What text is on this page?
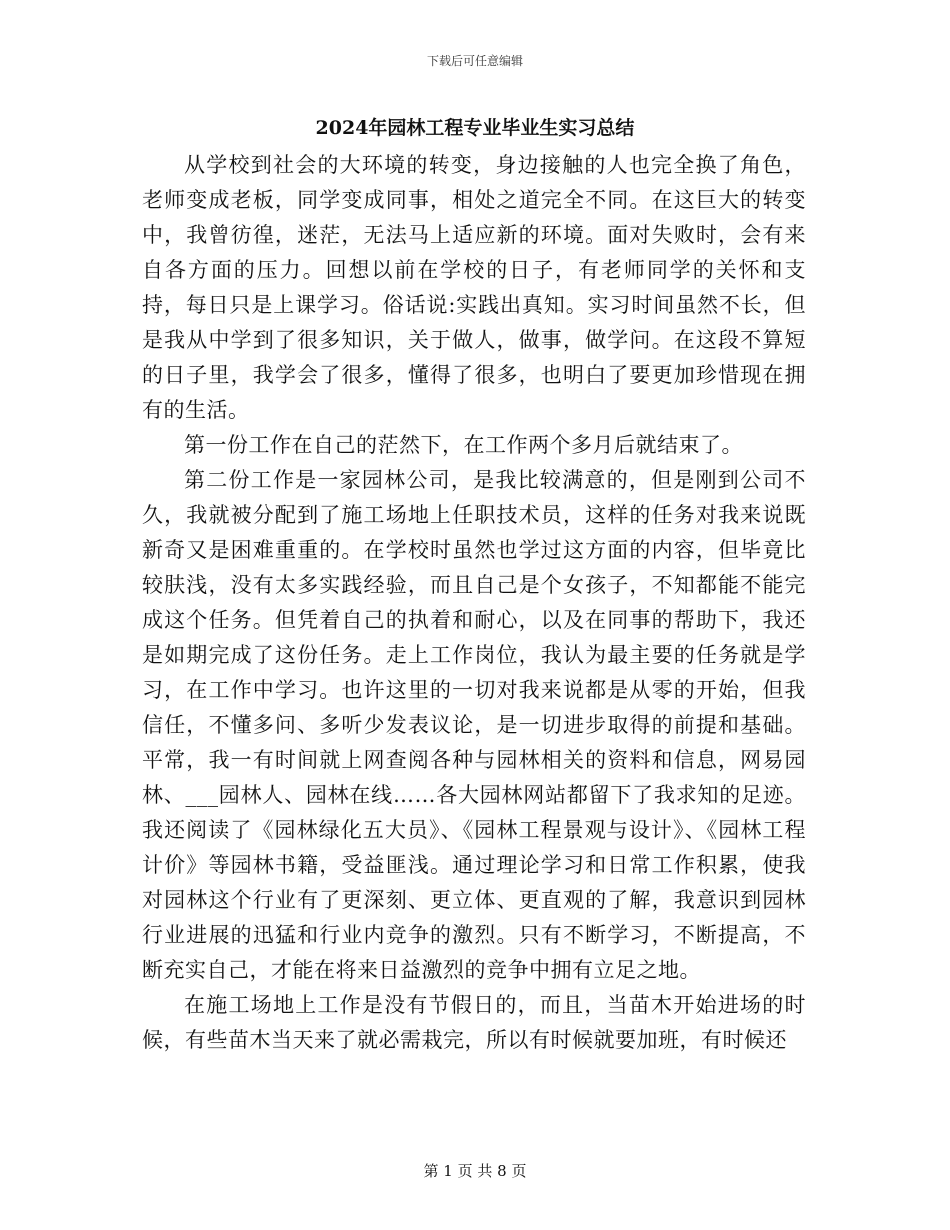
下载后可任意编辑
2024年园林工程专业毕业生实习总结

从学校到社会的大环境的转变，身边接触的人也完全换了角色，老师变成老板，同学变成同事，相处之道完全不同。在这巨大的转变中，我曾彷徨，迷茫，无法马上适应新的环境。面对失败时，会有来自各方面的压力。回想以前在学校的日子，有老师同学的关怀和支持，每日只是上课学习。俗话说:实践出真知。实习时间虽然不长，但是我从中学到了很多知识，关于做人，做事，做学问。在这段不算短的日子里，我学会了很多，懂得了很多，也明白了要更加珍惜现在拥有的生活。

第一份工作在自己的茫然下，在工作两个多月后就结束了。

第二份工作是一家园林公司，是我比较满意的，但是刚到公司不久，我就被分配到了施工场地上任职技术员，这样的任务对我来说既新奇又是困难重重的。在学校时虽然也学过这方面的内容，但毕竟比较肤浅，没有太多实践经验，而且自己是个女孩子，不知都能不能完成这个任务。但凭着自己的执着和耐心，以及在同事的帮助下，我还是如期完成了这份任务。走上工作岗位，我认为最主要的任务就是学习，在工作中学习。也许这里的一切对我来说都是从零的开始，但我信任，不懂多问、多听少发表议论，是一切进步取得的前提和基础。平常，我一有时间就上网查阅各种与园林相关的资料和信息，网易园林、___园林人、园林在线……各大园林网站都留下了我求知的足迹。我还阅读了《园林绿化五大员》、《园林工程景观与设计》、《园林工程计价》等园林书籍，受益匪浅。通过理论学习和日常工作积累，使我对园林这个行业有了更深刻、更立体、更直观的了解，我意识到园林行业进展的迅猛和行业内竞争的激烈。只有不断学习，不断提高，不断充实自己，才能在将来日益激烈的竞争中拥有立足之地。

在施工场地上工作是没有节假日的，而且，当苗木开始进场的时候，有些苗木当天来了就必需栽完，所以有时候就要加班，有时候还

第 1 页 共 8 页
